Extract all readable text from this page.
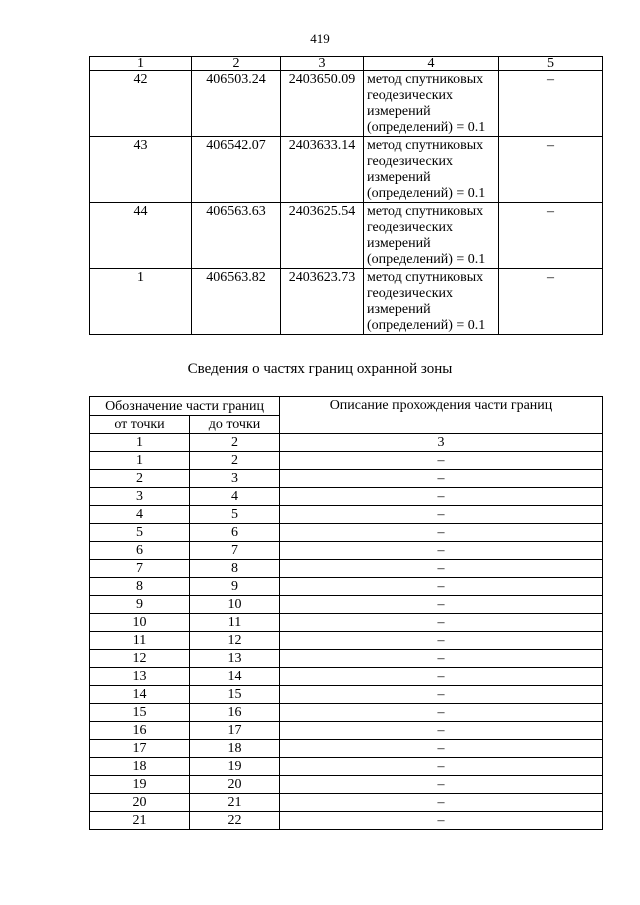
419
1	2	3	4	5
42	406503.24	2403650.09	метод спутниковых
геодезических
измерений
(определений) = 0.1	–
43	406542.07	2403633.14	метод спутниковых
геодезических
измерений
(определений) = 0.1	–
44	406563.63	2403625.54	метод спутниковых
геодезических
измерений
(определений) = 0.1	–
1	406563.82	2403623.73	метод спутниковых
геодезических
измерений
(определений) = 0.1	–
Сведения о частях границ охранной зоны
Обозначение части границ		Описание прохождения части границ
от точки	до точки	
1	2	3
1	2	–
2	3	–
3	4	–
4	5	–
5	6	–
6	7	–
7	8	–
8	9	–
9	10	–
10	11	–
11	12	–
12	13	–
13	14	–
14	15	–
15	16	–
16	17	–
17	18	–
18	19	–
19	20	–
20	21	–
21	22	–
